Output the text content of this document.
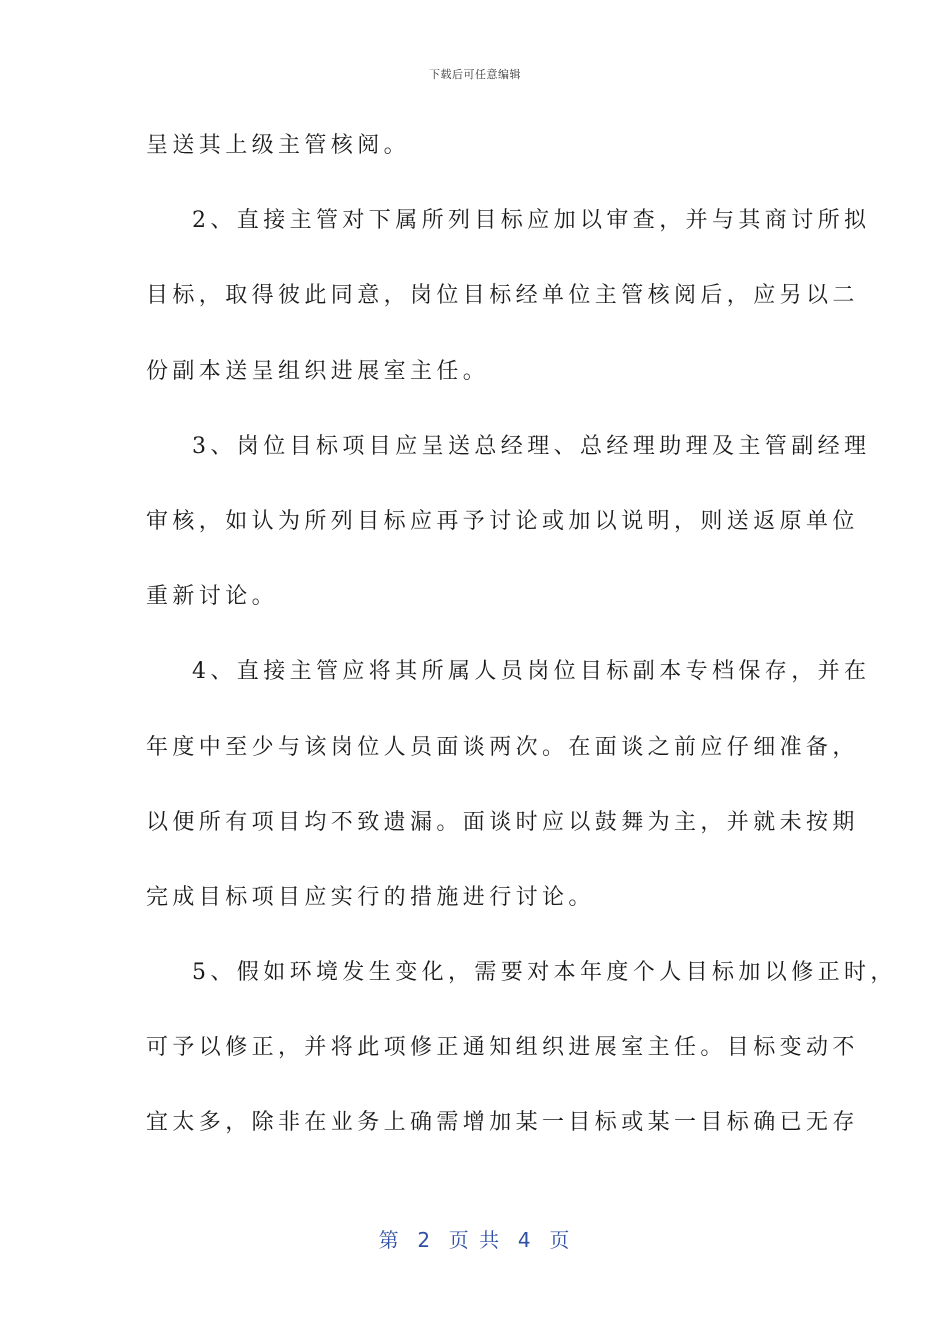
下载后可任意编辑
呈送其上级主管核阅。
2、直接主管对下属所列目标应加以审查，并与其商讨所拟
目标，取得彼此同意，岗位目标经单位主管核阅后，应另以二
份副本送呈组织进展室主任。
3、岗位目标项目应呈送总经理、总经理助理及主管副经理
审核，如认为所列目标应再予讨论或加以说明，则送返原单位
重新讨论。
4、直接主管应将其所属人员岗位目标副本专档保存，并在
年度中至少与该岗位人员面谈两次。在面谈之前应仔细准备，
以便所有项目均不致遗漏。面谈时应以鼓舞为主，并就未按期
完成目标项目应实行的措施进行讨论。
5、假如环境发生变化，需要对本年度个人目标加以修正时，
可予以修正，并将此项修正通知组织进展室主任。目标变动不
宜太多，除非在业务上确需增加某一目标或某一目标确已无存
第  2  页 共  4  页
